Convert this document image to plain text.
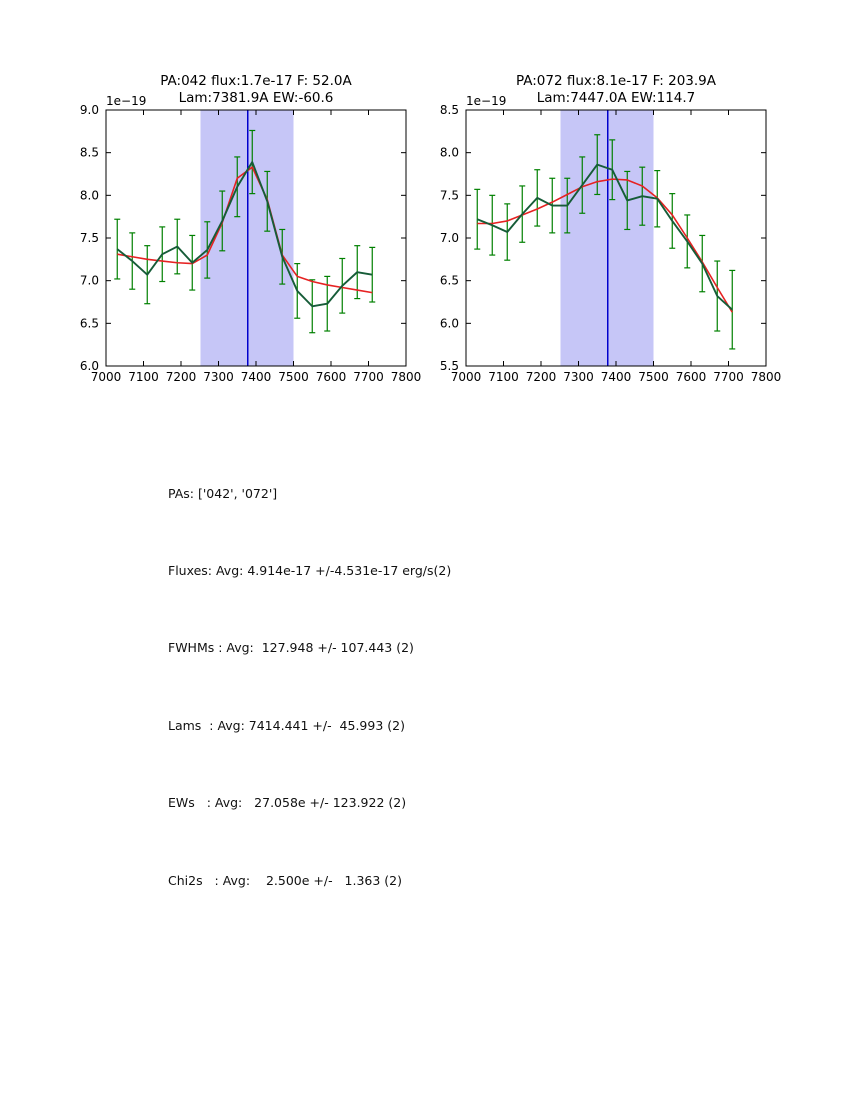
PA:042 flux:1.7e-17 F: 52.0A
Lam:7381.9A EW:-60.6
1e−19
7000 7100 7200 7300 7400 7500 7600 7700 7800
6.0
6.5
7.0
7.5
8.0
8.5
9.0
PA:072 flux:8.1e-17 F: 203.9A
Lam:7447.0A EW:114.7
1e−19
7000 7100 7200 7300 7400 7500 7600 7700 7800
5.5
6.0
6.5
7.0
7.5
8.0
8.5

PAs: ['042', '072']

Fluxes: Avg: 4.914e-17 +/-4.531e-17 erg/s(2)

FWHMs : Avg:  127.948 +/- 107.443 (2)

Lams  : Avg: 7414.441 +/-  45.993 (2)

EWs   : Avg:   27.058e +/- 123.922 (2)

Chi2s   : Avg:    2.500e +/-   1.363 (2)
